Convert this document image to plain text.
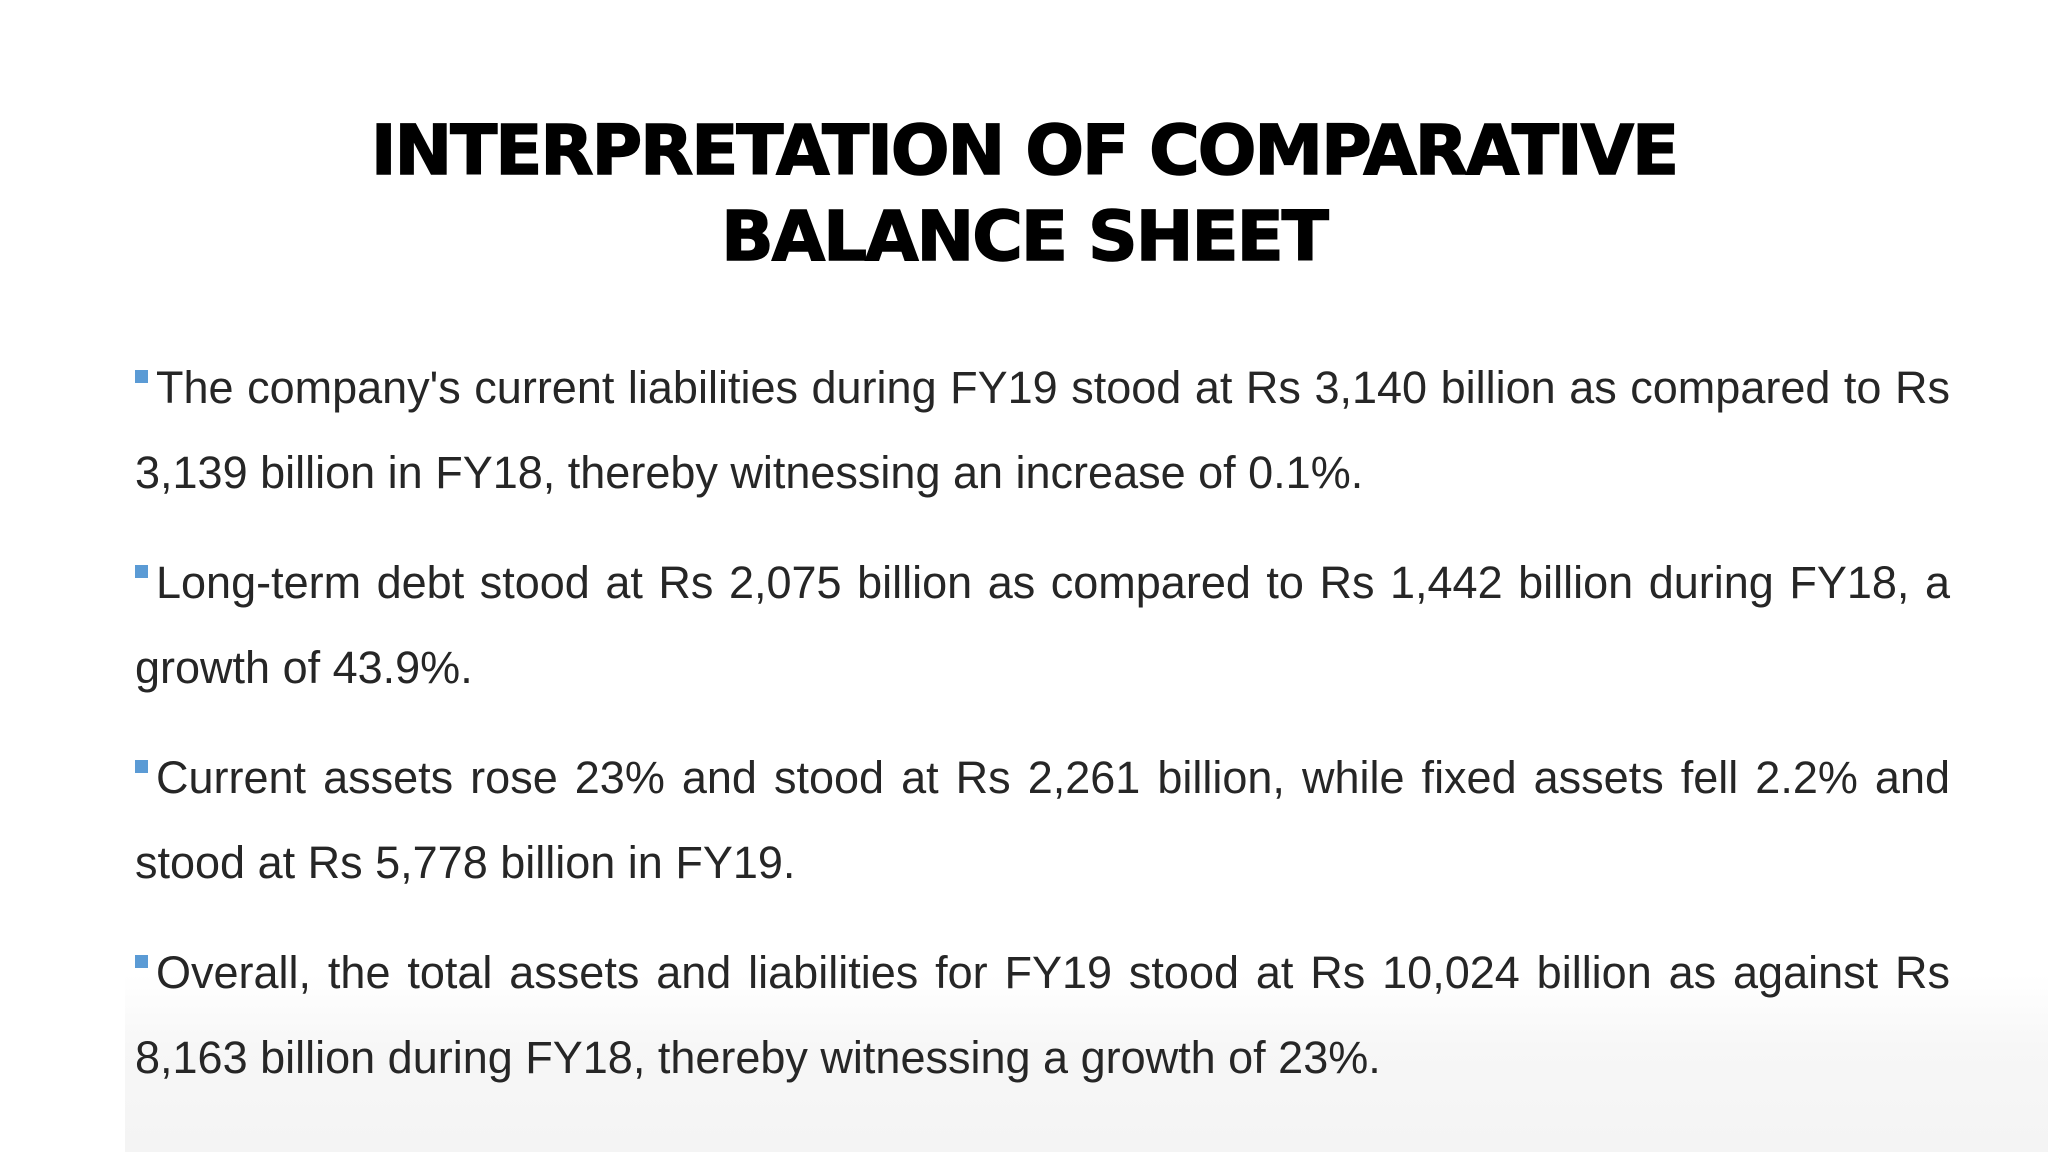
INTERPRETATION OF COMPARATIVE
BALANCE SHEET
The company's current liabilities during FY19 stood at Rs 3,140 billion as compared to Rs 3,139 billion in FY18, thereby witnessing an increase of 0.1%.
Long-term debt stood at Rs 2,075 billion as compared to Rs 1,442 billion during FY18, a growth of 43.9%.
Current assets rose 23% and stood at Rs 2,261 billion, while fixed assets fell 2.2% and stood at Rs 5,778 billion in FY19.
Overall, the total assets and liabilities for FY19 stood at Rs 10,024 billion as against Rs 8,163 billion during FY18, thereby witnessing a growth of 23%.
